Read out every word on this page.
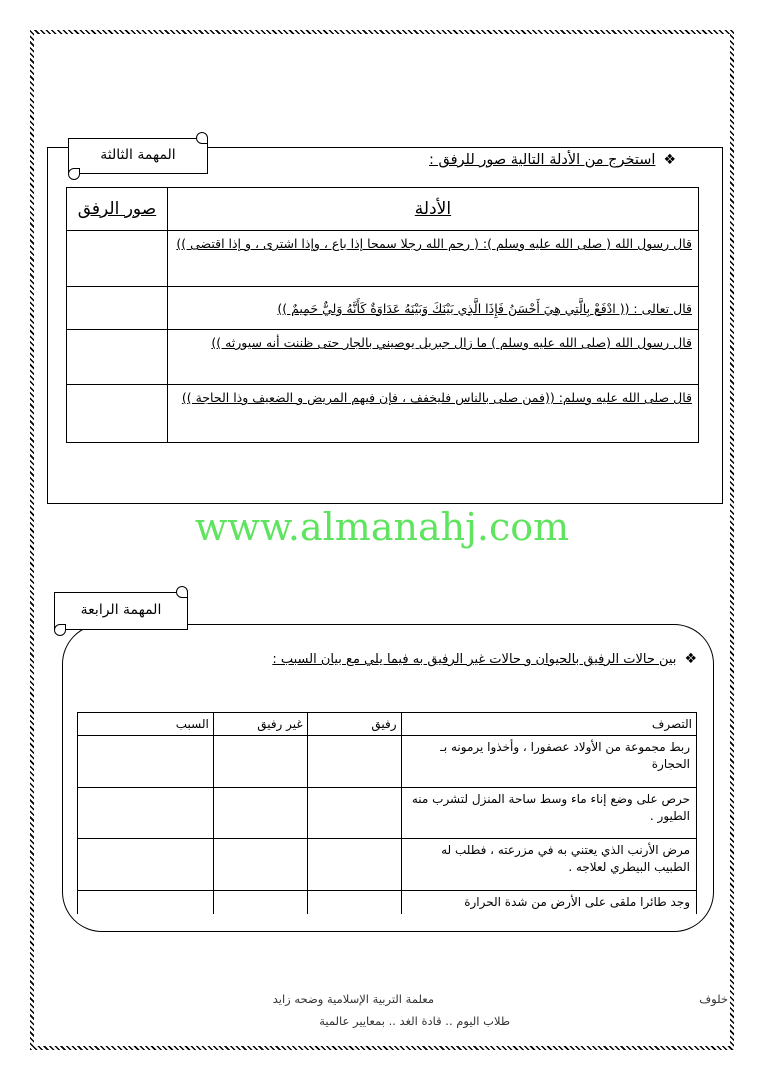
المهمة الثالثة	❖استخرج من الأدلة التالية صور للرفق :
الأدلة	صور الرفق
قال رسول الله ( صلى الله عليه وسلم ): ( رحم الله رجلا سمحا إذا باع ، وإذا اشترى ، و إذا اقتضى ))	
قال تعالى : (( ادْفَعْ بِالَّتِي هِيَ أَحْسَنُ فَإِذَا الَّذِي بَيْنَكَ وَبَيْنَهُ عَدَاوَةٌ كَأَنَّهُ وَلِيٌّ حَمِيمٌ ))	
قال رسول الله (صلى الله عليه وسلم ) ما زال جبريل يوصيني بالجار حتى ظننت أنه سيورثه ))	
قال صلى الله عليه وسلم: ((فمن صلى بالناس فليخفف ، فإن فيهم المريض و الضعيف وذا الحاجة ))	
www.almanahj.com
المهمة الرابعة
❖بين حالات الرفيق بالحيوان و حالات غير الرفيق به فيما يلي مع بيان السبب :
التصرف	رفيق	غير رفيق	السبب
ربط مجموعة من الأولاد عصفورا ، وأخذوا يرمونه بـ الحجارة			
حرص على وضع إناء ماء وسط ساحة المنزل لتشرب منه الطيور .			
مرض الأرنب الذي يعتني به في مزرعته ، فطلب له الطبيب البيطري لعلاجه .			
وجد طائرا ملقى على الأرض من شدة الحرارة			
معلمة التربية الإسلامية وضحه زايد	خلوف
طلاب اليوم .. قادة الغد .. بمعايير عالمية
